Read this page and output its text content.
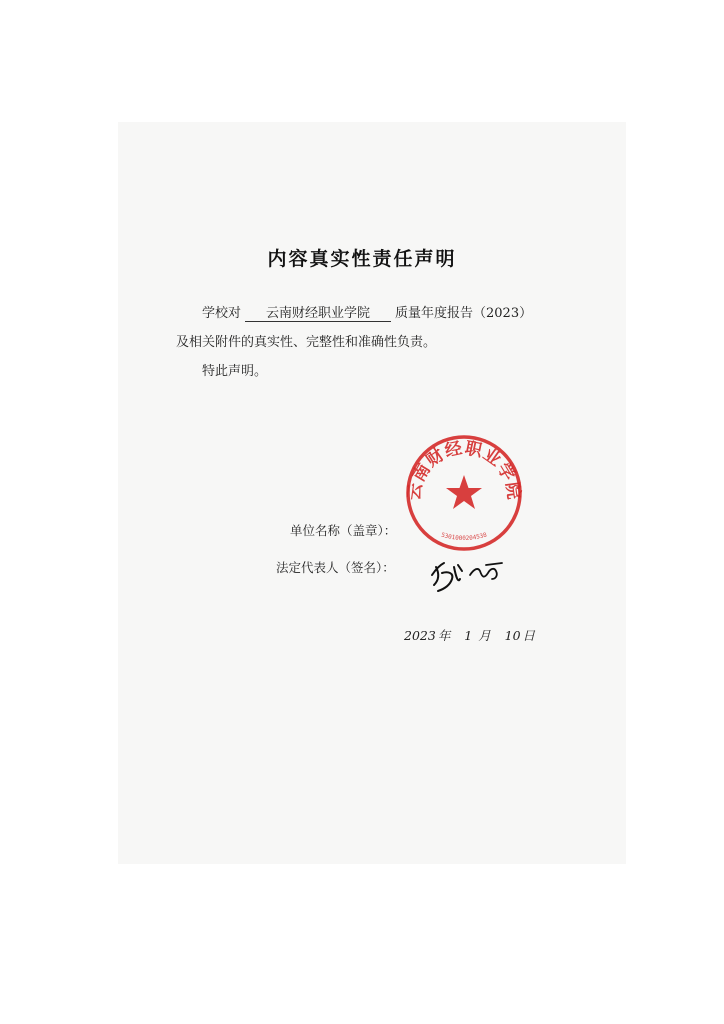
内容真实性责任声明
学校对 云南财经职业学院 质量年度报告（2023）
及相关附件的真实性、完整性和准确性负责。
特此声明。
单位名称（盖章）：
法定代表人（签名）：
云南财经职业学院
5301000204538
2023 年 1 月 10 日
